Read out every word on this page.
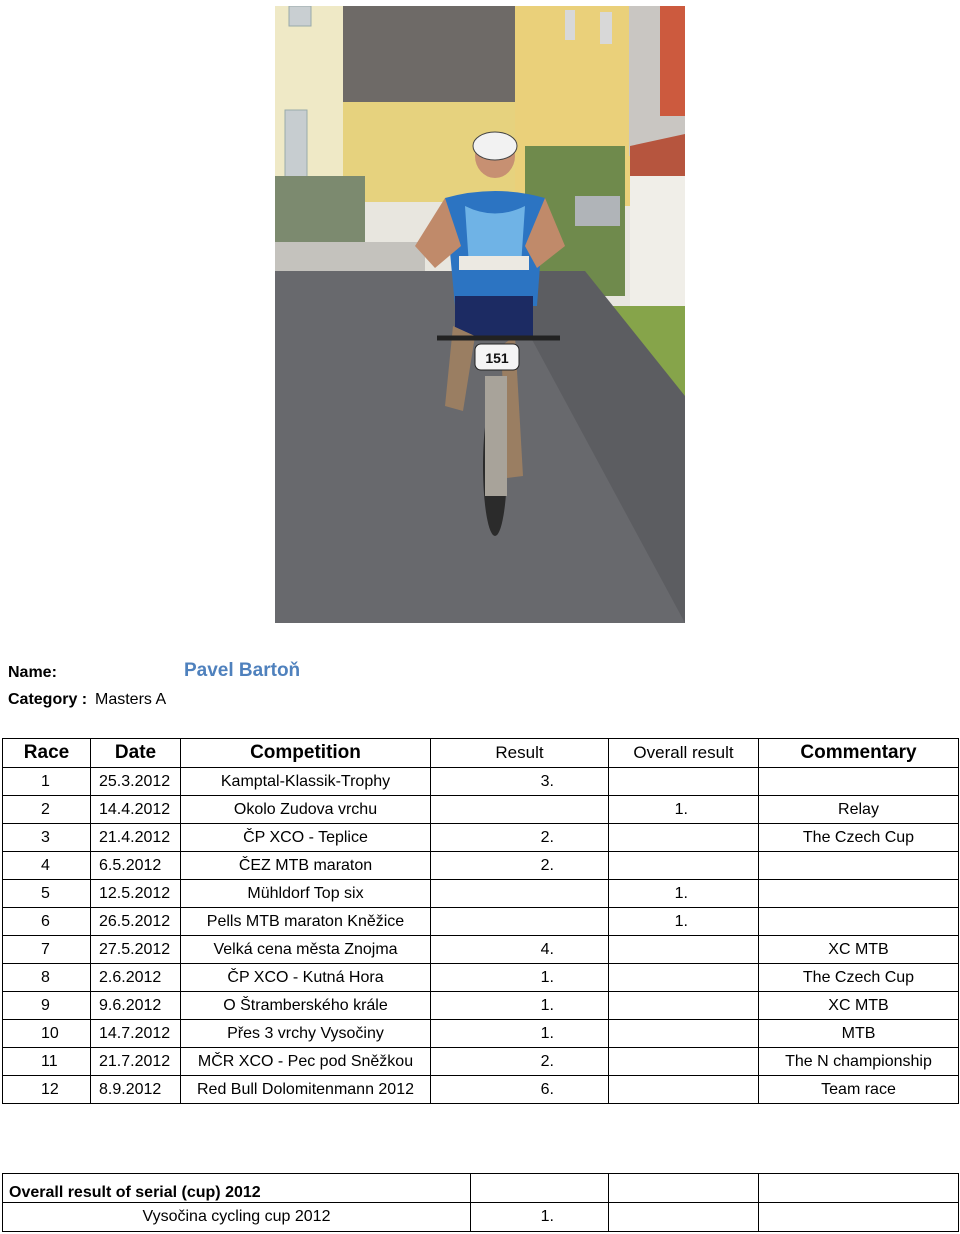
151
Name:	Pavel Bartoň
Category : Masters A
Race	Date	Competition	Result	Overall result	Commentary
1	25.3.2012	Kamptal-Klassik-Trophy	3.		
2	14.4.2012	Okolo Zudova vrchu		1.	Relay
3	21.4.2012	ČP XCO - Teplice	2.		The Czech Cup
4	6.5.2012	ČEZ MTB maraton	2.		
5	12.5.2012	Mühldorf Top six		1.	
6	26.5.2012	Pells MTB maraton Kněžice		1.	
7	27.5.2012	Velká cena města Znojma	4.		XC MTB
8	2.6.2012	ČP XCO - Kutná Hora	1.		The Czech Cup
9	9.6.2012	O Štramberského krále	1.		XC MTB
10	14.7.2012	Přes 3 vrchy Vysočiny	1.		MTB
11	21.7.2012	MČR XCO - Pec pod Sněžkou	2.		The N championship
12	8.9.2012	Red Bull Dolomitenmann 2012	6.		Team race
Overall result of serial (cup) 2012			
Vysočina cycling cup 2012	1.		
